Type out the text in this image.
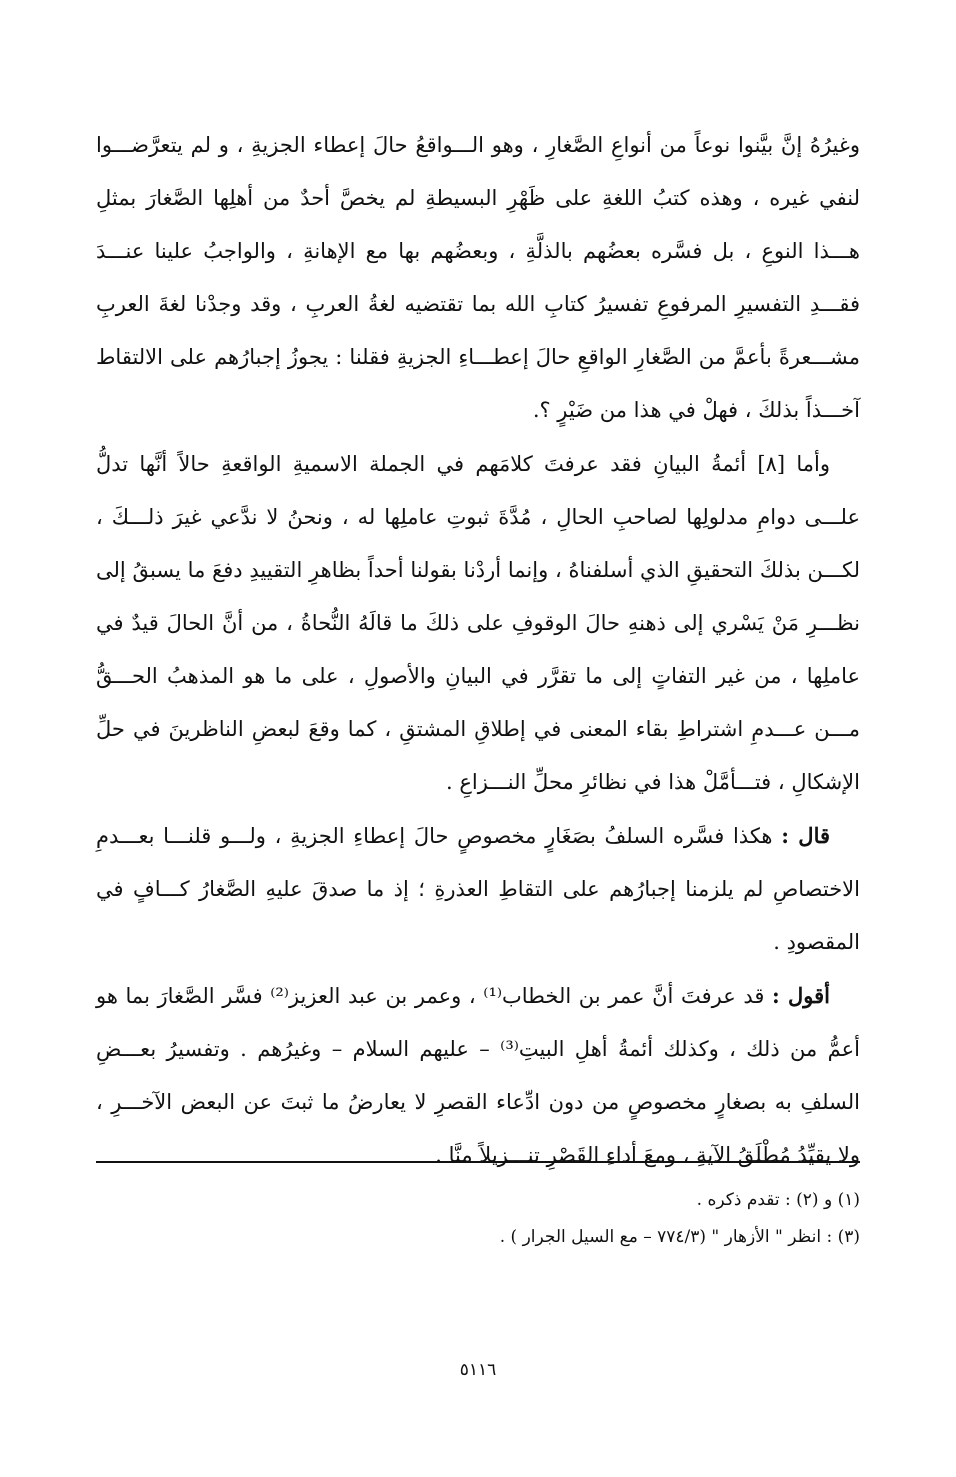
وغيرُهُ إنَّ بيَّنوا نوعاً من أنواعِ الصَّغارِ ، وهو الـــواقعُ حالَ إعطاء الجزيةِ ، و لم يتعرَّضـــوا لنفي غيره ، وهذه كتبُ اللغةِ على ظَهْرِ البسيطةِ لم يخصَّ أحدٌ من أهلِها الصَّغارَ بمثلِ هـــذا النوعِ ، بل فسَّره بعضُهم بالذلَّةِ ، وبعضُهم بها مع الإهانةِ ، والواجبُ علينا عنـــدَ فقـــدِ التفسيرِ المرفوعِ تفسيرُ كتابِ الله بما تقتضيه لغةُ العربِ ، وقد وجدْنا لغةَ العربِ مشـــعرةً بأعمَّ من الصَّغارِ الواقعِ حالَ إعطـــاءِ الجزيةِ فقلنا : يجوزُ إجبارُهم على الالتقاط آخـــذاً بذلكَ ، فهلْ في هذا من ضَيْرٍ ؟.

وأما [٨] أئمةُ البيانِ فقد عرفتَ كلامَهم في الجملة الاسميةِ الواقعةِ حالاً أنَّها تدلُّ علـــى دوامِ مدلولِها لصاحبِ الحالِ ، مُدَّةَ ثبوتِ عاملِها له ، ونحنُ لا ندَّعي غيرَ ذلـــكَ ، لكـــن بذلكَ التحقيقِ الذي أسلفناهُ ، وإنما أردْنا بقولنا أحداً بظاهرِ التقييدِ دفعَ ما يسبقُ إلى نظـــرِ مَنْ يَسْري إلى ذهنهِ حالَ الوقوفِ على ذلكَ ما قالَهُ النُّحاةُ ، من أنَّ الحالَ قيدٌ في عاملِها ، من غير التفاتٍ إلى ما تقرَّر في البيانِ والأصولِ ، على ما هو المذهبُ الحـــقُّ مـــن عـــدمِ اشتراطِ بقاء المعنى في إطلاقِ المشتقِ ، كما وقعَ لبعضِ الناظرينَ في حلِّ الإشكالِ ، فتـــأمَّلْ هذا في نظائرِ محلِّ النـــزاعِ .

قال : هكذا فسَّره السلفُ بصَغَارٍ مخصوصٍ حالَ إعطاءِ الجزيةِ ، ولـــو قلنـــا بعـــدمِ الاختصاصِ لم يلزمنا إجبارُهم على التقاطِ العذرةِ ؛ إذ ما صدقَ عليهِ الصَّغارُ كـــافٍ في المقصودِ .

أقول : قد عرفتَ أنَّ عمر بن الخطاب⁽¹⁾ ، وعمر بن عبد العزيز⁽²⁾ فسَّر الصَّغارَ بما هو أعمُّ من ذلك ، وكذلك أئمةُ أهلِ البيتِ⁽³⁾ – عليهم السلام – وغيرُهم . وتفسيرُ بعـــضِ السلفِ به بصغارٍ مخصوصٍ من دون ادِّعاء القصرِ لا يعارضُ ما ثبتَ عن البعض الآخـــرِ ، ولا يقيِّدُ مُطْلَقُ الآيةِ ، ومعَ أداءِ القَصْرِ تنـــزيلاً منَّا .

(١) و (٢) : تقدم ذكره .

(٣) : انظر " الأزهار " (٧٧٤/٣ – مع السيل الجرار ) .

٥١١٦
